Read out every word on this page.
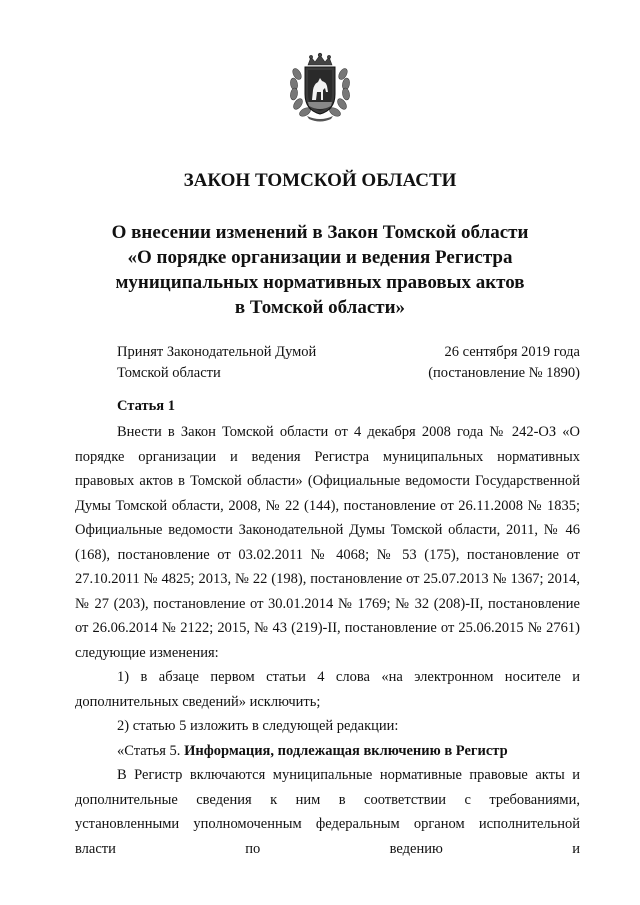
ЗАКОН ТОМСКОЙ ОБЛАСТИ
О внесении изменений в Закон Томской области
«О порядке организации и ведения Регистра
муниципальных нормативных правовых актов
в Томской области»
Принят Законодательной Думой
Томской области
26 сентября 2019 года
(постановление № 1890)
Статья 1

Внести в Закон Томской области от 4 декабря 2008 года № 242-ОЗ «О порядке организации и ведения Регистра муниципальных нормативных правовых актов в Томской области» (Официальные ведомости Государственной Думы Томской области, 2008, № 22 (144), постановление от 26.11.2008 № 1835; Официальные ведомости Законодательной Думы Томской области, 2011, № 46 (168), постановление от 03.02.2011 № 4068; № 53 (175), постановление от 27.10.2011 № 4825; 2013, № 22 (198), постановление от 25.07.2013 № 1367; 2014, № 27 (203), постановление от 30.01.2014 № 1769; № 32 (208)-II, постановление от 26.06.2014 № 2122; 2015, № 43 (219)-II, постановление от 25.06.2015 № 2761) следующие изменения:

1) в абзаце первом статьи 4 слова «на электронном носителе и дополнительных сведений» исключить;

2) статью 5 изложить в следующей редакции:

«Статья 5. Информация, подлежащая включению в Регистр

В Регистр включаются муниципальные нормативные правовые акты и дополнительные сведения к ним в соответствии с требованиями, установленными уполномоченным федеральным органом исполнительной власти по ведению и
